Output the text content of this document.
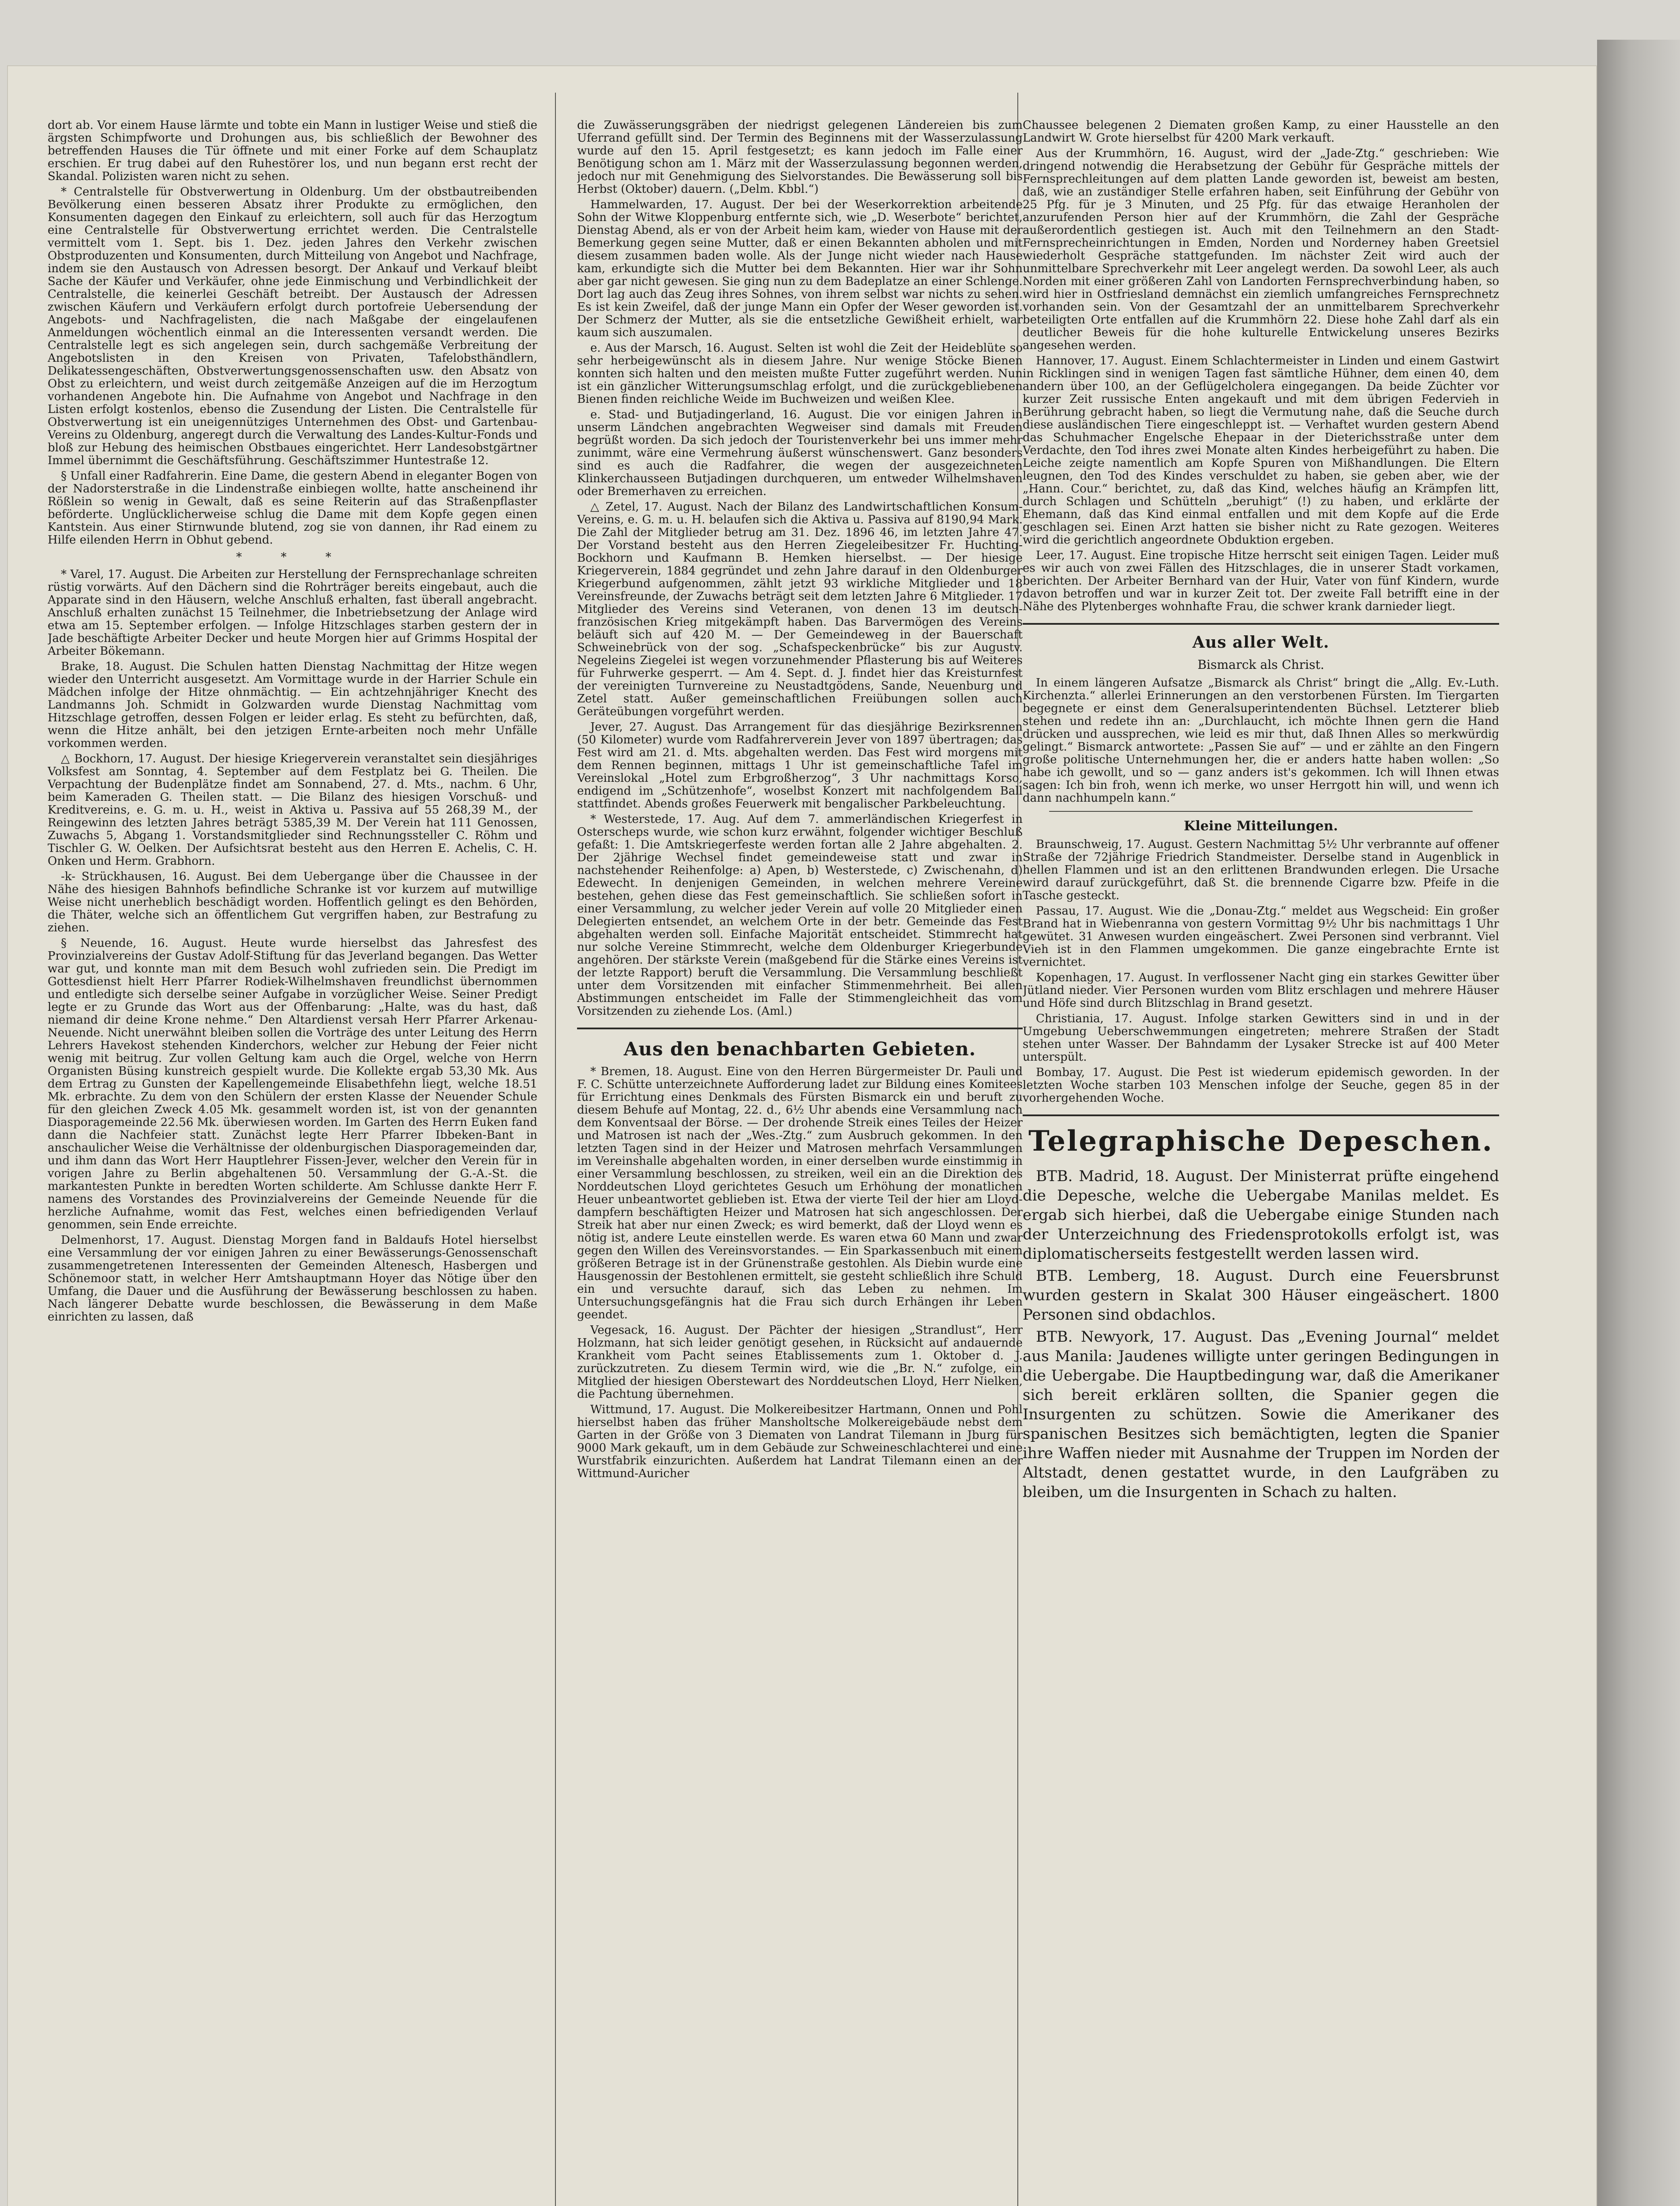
dort ab. Vor einem Hause lärmte und tobte ein Mann in lustiger Weise und stieß die ärgsten Schimpfworte und Drohungen aus, bis schließlich der Bewohner des betreffenden Hauses die Tür öffnete und mit einer Forke auf dem Schauplatz erschien. Er trug dabei auf den Ruhestörer los, und nun begann erst recht der Skandal. Polizisten waren nicht zu sehen.

* Centralstelle für Obstverwertung in Oldenburg. Um der obstbautreibenden Bevölkerung einen besseren Absatz ihrer Produkte zu ermöglichen, den Konsumenten dagegen den Einkauf zu erleichtern, soll auch für das Herzogtum eine Centralstelle für Obstverwertung errichtet werden. Die Centralstelle vermittelt vom 1. Sept. bis 1. Dez. jeden Jahres den Verkehr zwischen Obstproduzenten und Konsumenten, durch Mitteilung von Angebot und Nachfrage, indem sie den Austausch von Adressen besorgt. Der Ankauf und Verkauf bleibt Sache der Käufer und Verkäufer, ohne jede Einmischung und Verbindlichkeit der Centralstelle, die keinerlei Geschäft betreibt. Der Austausch der Adressen zwischen Käufern und Verkäufern erfolgt durch portofreie Uebersendung der Angebots- und Nachfragelisten, die nach Maßgabe der eingelaufenen Anmeldungen wöchentlich einmal an die Interessenten versandt werden. Die Centralstelle legt es sich angelegen sein, durch sachgemäße Verbreitung der Angebotslisten in den Kreisen von Privaten, Tafelobsthändlern, Delikatessengeschäften, Obstverwertungsgenossenschaften usw. den Absatz von Obst zu erleichtern, und weist durch zeitgemäße Anzeigen auf die im Herzogtum vorhandenen Angebote hin. Die Aufnahme von Angebot und Nachfrage in den Listen erfolgt kostenlos, ebenso die Zusendung der Listen. Die Centralstelle für Obstverwertung ist ein uneigennütziges Unternehmen des Obst- und Gartenbau-Vereins zu Oldenburg, angeregt durch die Verwaltung des Landes-Kultur-Fonds und bloß zur Hebung des heimischen Obstbaues eingerichtet. Herr Landesobstgärtner Immel übernimmt die Geschäftsführung. Geschäftszimmer Huntestraße 12.

§ Unfall einer Radfahrerin. Eine Dame, die gestern Abend in eleganter Bogen von der Nadorsterstraße in die Lindenstraße einbiegen wollte, hatte anscheinend ihr Rößlein so wenig in Gewalt, daß es seine Reiterin auf das Straßenpflaster beförderte. Unglücklicherweise schlug die Dame mit dem Kopfe gegen einen Kantstein. Aus einer Stirnwunde blutend, zog sie von dannen, ihr Rad einem zu Hilfe eilenden Herrn in Obhut gebend.

* * *

* Varel, 17. August. Die Arbeiten zur Herstellung der Fernsprechanlage schreiten rüstig vorwärts. Auf den Dächern sind die Rohrträger bereits eingebaut, auch die Apparate sind in den Häusern, welche Anschluß erhalten, fast überall angebracht. Anschluß erhalten zunächst 15 Teilnehmer, die Inbetriebsetzung der Anlage wird etwa am 15. September erfolgen. — Infolge Hitzschlages starben gestern der in Jade beschäftigte Arbeiter Decker und heute Morgen hier auf Grimms Hospital der Arbeiter Bökemann.

Brake, 18. August. Die Schulen hatten Dienstag Nachmittag der Hitze wegen wieder den Unterricht ausgesetzt. Am Vormittage wurde in der Harrier Schule ein Mädchen infolge der Hitze ohnmächtig. — Ein achtzehnjähriger Knecht des Landmanns Joh. Schmidt in Golzwarden wurde Dienstag Nachmittag vom Hitzschlage getroffen, dessen Folgen er leider erlag. Es steht zu befürchten, daß, wenn die Hitze anhält, bei den jetzigen Ernte-arbeiten noch mehr Unfälle vorkommen werden.

△ Bockhorn, 17. August. Der hiesige Kriegerverein veranstaltet sein diesjähriges Volksfest am Sonntag, 4. September auf dem Festplatz bei G. Theilen. Die Verpachtung der Budenplätze findet am Sonnabend, 27. d. Mts., nachm. 6 Uhr, beim Kameraden G. Theilen statt. — Die Bilanz des hiesigen Vorschuß- und Kreditvereins, e. G. m. u. H., weist in Aktiva u. Passiva auf 55 268,39 M., der Reingewinn des letzten Jahres beträgt 5385,39 M. Der Verein hat 111 Genossen, Zuwachs 5, Abgang 1. Vorstandsmitglieder sind Rechnungssteller C. Röhm und Tischler G. W. Oelken. Der Aufsichtsrat besteht aus den Herren E. Achelis, C. H. Onken und Herm. Grabhorn.

-k- Strückhausen, 16. August. Bei dem Uebergange über die Chaussee in der Nähe des hiesigen Bahnhofs befindliche Schranke ist vor kurzem auf mutwillige Weise nicht unerheblich beschädigt worden. Hoffentlich gelingt es den Behörden, die Thäter, welche sich an öffentlichem Gut vergriffen haben, zur Bestrafung zu ziehen.

§ Neuende, 16. August. Heute wurde hierselbst das Jahresfest des Provinzialvereins der Gustav Adolf-Stiftung für das Jeverland begangen. Das Wetter war gut, und konnte man mit dem Besuch wohl zufrieden sein. Die Predigt im Gottesdienst hielt Herr Pfarrer Rodiek-Wilhelmshaven freundlichst übernommen und entledigte sich derselbe seiner Aufgabe in vorzüglicher Weise. Seiner Predigt legte er zu Grunde das Wort aus der Offenbarung: „Halte, was du hast, daß niemand dir deine Krone nehme.“ Den Altardienst versah Herr Pfarrer Arkenau-Neuende. Nicht unerwähnt bleiben sollen die Vorträge des unter Leitung des Herrn Lehrers Havekost stehenden Kinderchors, welcher zur Hebung der Feier nicht wenig mit beitrug. Zur vollen Geltung kam auch die Orgel, welche von Herrn Organisten Büsing kunstreich gespielt wurde. Die Kollekte ergab 53,30 Mk. Aus dem Ertrag zu Gunsten der Kapellengemeinde Elisabethfehn liegt, welche 18.51 Mk. erbrachte. Zu dem von den Schülern der ersten Klasse der Neuender Schule für den gleichen Zweck 4.05 Mk. gesammelt worden ist, ist von der genannten Diasporagemeinde 22.56 Mk. überwiesen worden. Im Garten des Herrn Euken fand dann die Nachfeier statt. Zunächst legte Herr Pfarrer Ibbeken-Bant in anschaulicher Weise die Verhältnisse der oldenburgischen Diasporagemeinden dar, und ihm dann das Wort Herr Hauptlehrer Fissen-Jever, welcher den Verein für in vorigen Jahre zu Berlin abgehaltenen 50. Versammlung der G.-A.-St. die markantesten Punkte in beredten Worten schilderte. Am Schlusse dankte Herr F. namens des Vorstandes des Provinzialvereins der Gemeinde Neuende für die herzliche Aufnahme, womit das Fest, welches einen befriedigenden Verlauf genommen, sein Ende erreichte.

Delmenhorst, 17. August. Dienstag Morgen fand in Baldaufs Hotel hierselbst eine Versammlung der vor einigen Jahren zu einer Bewässerungs-Genossenschaft zusammengetretenen Interessenten der Gemeinden Altenesch, Hasbergen und Schönemoor statt, in welcher Herr Amtshauptmann Hoyer das Nötige über den Umfang, die Dauer und die Ausführung der Bewässerung beschlossen zu haben. Nach längerer Debatte wurde beschlossen, die Bewässerung in dem Maße einrichten zu lassen, daß

die Zuwässerungsgräben der niedrigst gelegenen Ländereien bis zum Uferrand gefüllt sind. Der Termin des Beginnens mit der Wasserzulassung wurde auf den 15. April festgesetzt; es kann jedoch im Falle einer Benötigung schon am 1. März mit der Wasserzulassung begonnen werden, jedoch nur mit Genehmigung des Sielvorstandes. Die Bewässerung soll bis Herbst (Oktober) dauern. („Delm. Kbbl.“)

Hammelwarden, 17. August. Der bei der Weserkorrektion arbeitende Sohn der Witwe Kloppenburg entfernte sich, wie „D. Weserbote“ berichtet, Dienstag Abend, als er von der Arbeit heim kam, wieder von Hause mit der Bemerkung gegen seine Mutter, daß er einen Bekannten abholen und mit diesem zusammen baden wolle. Als der Junge nicht wieder nach Hause kam, erkundigte sich die Mutter bei dem Bekannten. Hier war ihr Sohn aber gar nicht gewesen. Sie ging nun zu dem Badeplatze an einer Schlenge. Dort lag auch das Zeug ihres Sohnes, von ihrem selbst war nichts zu sehen. Es ist kein Zweifel, daß der junge Mann ein Opfer der Weser geworden ist. Der Schmerz der Mutter, als sie die entsetzliche Gewißheit erhielt, war kaum sich auszumalen.

e. Aus der Marsch, 16. August. Selten ist wohl die Zeit der Heideblüte so sehr herbeigewünscht als in diesem Jahre. Nur wenige Stöcke Bienen konnten sich halten und den meisten mußte Futter zugeführt werden. Nun ist ein gänzlicher Witterungsumschlag erfolgt, und die zurückgebliebenen Bienen finden reichliche Weide im Buchweizen und weißen Klee.

e. Stad- und Butjadingerland, 16. August. Die vor einigen Jahren in unserm Ländchen angebrachten Wegweiser sind damals mit Freuden begrüßt worden. Da sich jedoch der Touristenverkehr bei uns immer mehr zunimmt, wäre eine Vermehrung äußerst wünschenswert. Ganz besonders sind es auch die Radfahrer, die wegen der ausgezeichneten Klinkerchausseen Butjadingen durchqueren, um entweder Wilhelmshaven oder Bremerhaven zu erreichen.

△ Zetel, 17. August. Nach der Bilanz des Landwirtschaftlichen Konsum-Vereins, e. G. m. u. H. belaufen sich die Aktiva u. Passiva auf 8190,94 Mark. Die Zahl der Mitglieder betrug am 31. Dez. 1896 46, im letzten Jahre 47. Der Vorstand besteht aus den Herren Ziegeleibesitzer Fr. Huchting-Bockhorn und Kaufmann B. Hemken hierselbst. — Der hiesige Kriegerverein, 1884 gegründet und zehn Jahre darauf in den Oldenburger Kriegerbund aufgenommen, zählt jetzt 93 wirkliche Mitglieder und 18 Vereinsfreunde, der Zuwachs beträgt seit dem letzten Jahre 6 Mitglieder. 17 Mitglieder des Vereins sind Veteranen, von denen 13 im deutsch-französischen Krieg mitgekämpft haben. Das Barvermögen des Vereins beläuft sich auf 420 M. — Der Gemeindeweg in der Bauerschaft Schweinebrück von der sog. „Schafspeckenbrücke“ bis zur Augustv. Negeleins Ziegelei ist wegen vorzunehmender Pflasterung bis auf Weiteres für Fuhrwerke gesperrt. — Am 4. Sept. d. J. findet hier das Kreisturnfest der vereinigten Turnvereine zu Neustadtgödens, Sande, Neuenburg und Zetel statt. Außer gemeinschaftlichen Freiübungen sollen auch Geräteübungen vorgeführt werden.

Jever, 27. August. Das Arrangement für das diesjährige Bezirksrennen (50 Kilometer) wurde vom Radfahrerverein Jever von 1897 übertragen; das Fest wird am 21. d. Mts. abgehalten werden. Das Fest wird morgens mit dem Rennen beginnen, mittags 1 Uhr ist gemeinschaftliche Tafel im Vereinslokal „Hotel zum Erbgroßherzog“, 3 Uhr nachmittags Korso, endigend im „Schützenhofe“, woselbst Konzert mit nachfolgendem Ball stattfindet. Abends großes Feuerwerk mit bengalischer Parkbeleuchtung.

* Westerstede, 17. Aug. Auf dem 7. ammerländischen Kriegerfest in Osterscheps wurde, wie schon kurz erwähnt, folgender wichtiger Beschluß gefaßt: 1. Die Amtskriegerfeste werden fortan alle 2 Jahre abgehalten. 2. Der 2jährige Wechsel findet gemeindeweise statt und zwar in nachstehender Reihenfolge: a) Apen, b) Westerstede, c) Zwischenahn, d) Edewecht. In denjenigen Gemeinden, in welchen mehrere Vereine bestehen, gehen diese das Fest gemeinschaftlich. Sie schließen sofort in einer Versammlung, zu welcher jeder Verein auf volle 20 Mitglieder einen Delegierten entsendet, an welchem Orte in der betr. Gemeinde das Fest abgehalten werden soll. Einfache Majorität entscheidet. Stimmrecht hat nur solche Vereine Stimmrecht, welche dem Oldenburger Kriegerbunde angehören. Der stärkste Verein (maßgebend für die Stärke eines Vereins ist der letzte Rapport) beruft die Versammlung. Die Versammlung beschließt unter dem Vorsitzenden mit einfacher Stimmenmehrheit. Bei allen Abstimmungen entscheidet im Falle der Stimmengleichheit das vom Vorsitzenden zu ziehende Los. (Aml.)

Aus den benachbarten Gebieten.

* Bremen, 18. August. Eine von den Herren Bürgermeister Dr. Pauli und F. C. Schütte unterzeichnete Aufforderung ladet zur Bildung eines Komitees für Errichtung eines Denkmals des Fürsten Bismarck ein und beruft zu diesem Behufe auf Montag, 22. d., 6½ Uhr abends eine Versammlung nach dem Konventsaal der Börse. — Der drohende Streik eines Teiles der Heizer und Matrosen ist nach der „Wes.-Ztg.“ zum Ausbruch gekommen. In den letzten Tagen sind in der Heizer und Matrosen mehrfach Versammlungen im Vereinshalle abgehalten worden, in einer derselben wurde einstimmig in einer Versammlung beschlossen, zu streiken, weil ein an die Direktion des Norddeutschen Lloyd gerichtetes Gesuch um Erhöhung der monatlichen Heuer unbeantwortet geblieben ist. Etwa der vierte Teil der hier am Lloyd-dampfern beschäftigten Heizer und Matrosen hat sich angeschlossen. Der Streik hat aber nur einen Zweck; es wird bemerkt, daß der Lloyd wenn es nötig ist, andere Leute einstellen werde. Es waren etwa 60 Mann und zwar gegen den Willen des Vereinsvorstandes. — Ein Sparkassenbuch mit einem größeren Betrage ist in der Grünenstraße gestohlen. Als Diebin wurde eine Hausgenossin der Bestohlenen ermittelt, sie gesteht schließlich ihre Schuld ein und versuchte darauf, sich das Leben zu nehmen. Im Untersuchungsgefängnis hat die Frau sich durch Erhängen ihr Leben geendet.

Vegesack, 16. August. Der Pächter der hiesigen „Strandlust“, Herr Holzmann, hat sich leider genötigt gesehen, in Rücksicht auf andauernde Krankheit vom Pacht seines Etablissements zum 1. Oktober d. J. zurückzutreten. Zu diesem Termin wird, wie die „Br. N.“ zufolge, ein Mitglied der hiesigen Oberstewart des Norddeutschen Lloyd, Herr Nielken, die Pachtung übernehmen.

Wittmund, 17. August. Die Molkereibesitzer Hartmann, Onnen und Pohl hierselbst haben das früher Mansholtsche Molkereigebäude nebst dem Garten in der Größe von 3 Diematen von Landrat Tilemann in Jburg für 9000 Mark gekauft, um in dem Gebäude zur Schweineschlachterei und eine Wurstfabrik einzurichten. Außerdem hat Landrat Tilemann einen an der Wittmund-Auricher

Chaussee belegenen 2 Diematen großen Kamp, zu einer Hausstelle an den Landwirt W. Grote hierselbst für 4200 Mark verkauft.

Aus der Krummhörn, 16. August, wird der „Jade-Ztg.“ geschrieben: Wie dringend notwendig die Herabsetzung der Gebühr für Gespräche mittels der Fernsprechleitungen auf dem platten Lande geworden ist, beweist am besten, daß, wie an zuständiger Stelle erfahren haben, seit Einführung der Gebühr von 25 Pfg. für je 3 Minuten, und 25 Pfg. für das etwaige Heranholen der anzurufenden Person hier auf der Krummhörn, die Zahl der Gespräche außerordentlich gestiegen ist. Auch mit den Teilnehmern an den Stadt-Fernsprecheinrichtungen in Emden, Norden und Norderney haben Greetsiel wiederholt Gespräche stattgefunden. Im nächster Zeit wird auch der unmittelbare Sprechverkehr mit Leer angelegt werden. Da sowohl Leer, als auch Norden mit einer größeren Zahl von Landorten Fernsprechverbindung haben, so wird hier in Ostfriesland demnächst ein ziemlich umfangreiches Fernsprechnetz vorhanden sein. Von der Gesamtzahl der an unmittelbarem Sprechverkehr beteiligten Orte entfallen auf die Krummhörn 22. Diese hohe Zahl darf als ein deutlicher Beweis für die hohe kulturelle Entwickelung unseres Bezirks angesehen werden.

Hannover, 17. August. Einem Schlachtermeister in Linden und einem Gastwirt in Ricklingen sind in wenigen Tagen fast sämtliche Hühner, dem einen 40, dem andern über 100, an der Geflügelcholera eingegangen. Da beide Züchter vor kurzer Zeit russische Enten angekauft und mit dem übrigen Federvieh in Berührung gebracht haben, so liegt die Vermutung nahe, daß die Seuche durch diese ausländischen Tiere eingeschleppt ist. — Verhaftet wurden gestern Abend das Schuhmacher Engelsche Ehepaar in der Dieterichsstraße unter dem Verdachte, den Tod ihres zwei Monate alten Kindes herbeigeführt zu haben. Die Leiche zeigte namentlich am Kopfe Spuren von Mißhandlungen. Die Eltern leugnen, den Tod des Kindes verschuldet zu haben, sie geben aber, wie der „Hann. Cour.“ berichtet, zu, daß das Kind, welches häufig an Krämpfen litt, durch Schlagen und Schütteln „beruhigt“ (!) zu haben, und erklärte der Ehemann, daß das Kind einmal entfallen und mit dem Kopfe auf die Erde geschlagen sei. Einen Arzt hatten sie bisher nicht zu Rate gezogen. Weiteres wird die gerichtlich angeordnete Obduktion ergeben.

Leer, 17. August. Eine tropische Hitze herrscht seit einigen Tagen. Leider muß es wir auch von zwei Fällen des Hitzschlages, die in unserer Stadt vorkamen, berichten. Der Arbeiter Bernhard van der Huir, Vater von fünf Kindern, wurde davon betroffen und war in kurzer Zeit tot. Der zweite Fall betrifft eine in der Nähe des Plytenberges wohnhafte Frau, die schwer krank darnieder liegt.

Aus aller Welt.
Bismarck als Christ.

In einem längeren Aufsatze „Bismarck als Christ“ bringt die „Allg. Ev.-Luth. Kirchenzta.“ allerlei Erinnerungen an den verstorbenen Fürsten. Im Tiergarten begegnete er einst dem Generalsuperintendenten Büchsel. Letzterer blieb stehen und redete ihn an: „Durchlaucht, ich möchte Ihnen gern die Hand drücken und aussprechen, wie leid es mir thut, daß Ihnen Alles so merkwürdig gelingt.“ Bismarck antwortete: „Passen Sie auf“ — und er zählte an den Fingern große politische Unternehmungen her, die er anders hatte haben wollen: „So habe ich gewollt, und so — ganz anders ist's gekommen. Ich will Ihnen etwas sagen: Ich bin froh, wenn ich merke, wo unser Herrgott hin will, und wenn ich dann nachhumpeln kann.“

Kleine Mitteilungen.

Braunschweig, 17. August. Gestern Nachmittag 5½ Uhr verbrannte auf offener Straße der 72jährige Friedrich Standmeister. Derselbe stand in Augenblick in hellen Flammen und ist an den erlittenen Brandwunden erlegen. Die Ursache wird darauf zurückgeführt, daß St. die brennende Cigarre bzw. Pfeife in die Tasche gesteckt.

Passau, 17. August. Wie die „Donau-Ztg.“ meldet aus Wegscheid: Ein großer Brand hat in Wiebenranna von gestern Vormittag 9½ Uhr bis nachmittags 1 Uhr gewütet. 31 Anwesen wurden eingeäschert. Zwei Personen sind verbrannt. Viel Vieh ist in den Flammen umgekommen. Die ganze eingebrachte Ernte ist vernichtet.

Kopenhagen, 17. August. In verflossener Nacht ging ein starkes Gewitter über Jütland nieder. Vier Personen wurden vom Blitz erschlagen und mehrere Häuser und Höfe sind durch Blitzschlag in Brand gesetzt.

Christiania, 17. August. Infolge starken Gewitters sind in und in der Umgebung Ueberschwemmungen eingetreten; mehrere Straßen der Stadt stehen unter Wasser. Der Bahndamm der Lysaker Strecke ist auf 400 Meter unterspült.

Bombay, 17. August. Die Pest ist wiederum epidemisch geworden. In der letzten Woche starben 103 Menschen infolge der Seuche, gegen 85 in der vorhergehenden Woche.

Telegraphische Depeschen.

BTB. Madrid, 18. August. Der Ministerrat prüfte eingehend die Depesche, welche die Uebergabe Manilas meldet. Es ergab sich hierbei, daß die Uebergabe einige Stunden nach der Unterzeichnung des Friedensprotokolls erfolgt ist, was diplomatischerseits festgestellt werden lassen wird.

BTB. Lemberg, 18. August. Durch eine Feuersbrunst wurden gestern in Skalat 300 Häuser eingeäschert. 1800 Personen sind obdachlos.

BTB. Newyork, 17. August. Das „Evening Journal“ meldet aus Manila: Jaudenes willigte unter geringen Bedingungen in die Uebergabe. Die Hauptbedingung war, daß die Amerikaner sich bereit erklären sollten, die Spanier gegen die Insurgenten zu schützen. Sowie die Amerikaner des spanischen Besitzes sich bemächtigten, legten die Spanier ihre Waffen nieder mit Ausnahme der Truppen im Norden der Altstadt, denen gestattet wurde, in den Laufgräben zu bleiben, um die Insurgenten in Schach zu halten.
